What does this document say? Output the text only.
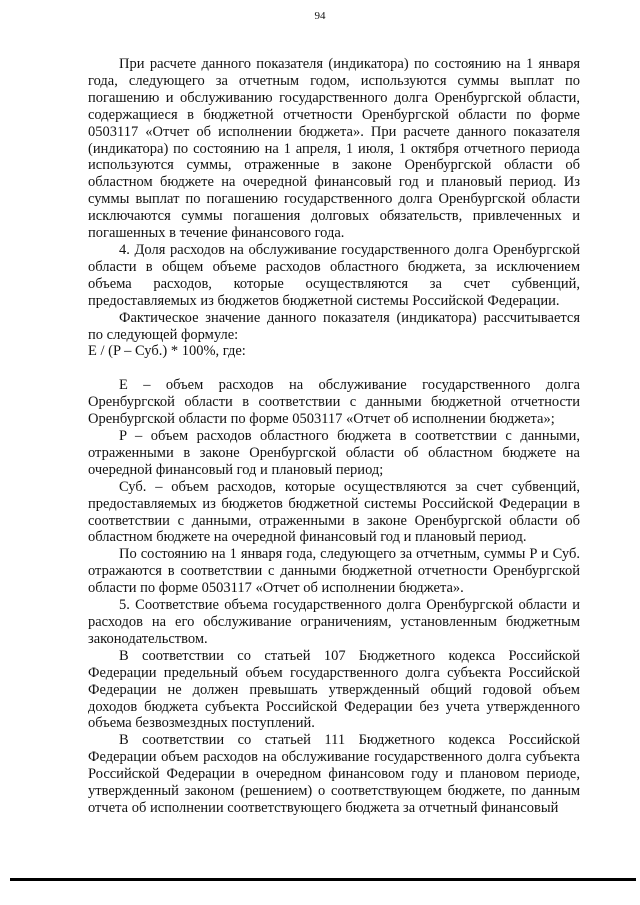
94

При расчете данного показателя (индикатора) по состоянию на 1 января года, следующего за отчетным годом, используются суммы выплат по погашению и обслуживанию государственного долга Оренбургской области, содержащиеся в бюджетной отчетности Оренбургской области по форме 0503117 «Отчет об исполнении бюджета». При расчете данного показателя (индикатора) по состоянию на 1 апреля, 1 июля, 1 октября отчетного периода используются суммы, отраженные в законе Оренбургской области об областном бюджете на очередной финансовый год и плановый период. Из суммы выплат по погашению государственного долга Оренбургской области исключаются суммы погашения долговых обязательств, привлеченных и погашенных в течение финансового года.

4. Доля расходов на обслуживание государственного долга Оренбургской области в общем объеме расходов областного бюджета, за исключением объема расходов, которые осуществляются за счет субвенций, предоставляемых из бюджетов бюджетной системы Российской Федерации.

Фактическое значение данного показателя (индикатора) рассчитывается по следующей формуле:

E / (P – Суб.) * 100%, где:

E – объем расходов на обслуживание государственного долга Оренбургской области в соответствии с данными бюджетной отчетности Оренбургской области по форме 0503117 «Отчет об исполнении бюджета»;

P – объем расходов областного бюджета в соответствии с данными, отраженными в законе Оренбургской области об областном бюджете на очередной финансовый год и плановый период;

Суб. – объем расходов, которые осуществляются за счет субвенций, предоставляемых из бюджетов бюджетной системы Российской Федерации в соответствии с данными, отраженными в законе Оренбургской области об областном бюджете на очередной финансовый год и плановый период.

По состоянию на 1 января года, следующего за отчетным, суммы P и Суб. отражаются в соответствии с данными бюджетной отчетности Оренбургской области по форме 0503117 «Отчет об исполнении бюджета».

5. Соответствие объема государственного долга Оренбургской области и расходов на его обслуживание ограничениям, установленным бюджетным законодательством.

В соответствии со статьей 107 Бюджетного кодекса Российской Федерации предельный объем государственного долга субъекта Российской Федерации не должен превышать утвержденный общий годовой объем доходов бюджета субъекта Российской Федерации без учета утвержденного объема безвозмездных поступлений.

В соответствии со статьей 111 Бюджетного кодекса Российской Федерации объем расходов на обслуживание государственного долга субъекта Российской Федерации в очередном финансовом году и плановом периоде, утвержденный законом (решением) о соответствующем бюджете, по данным отчета об исполнении соответствующего бюджета за отчетный финансовый
